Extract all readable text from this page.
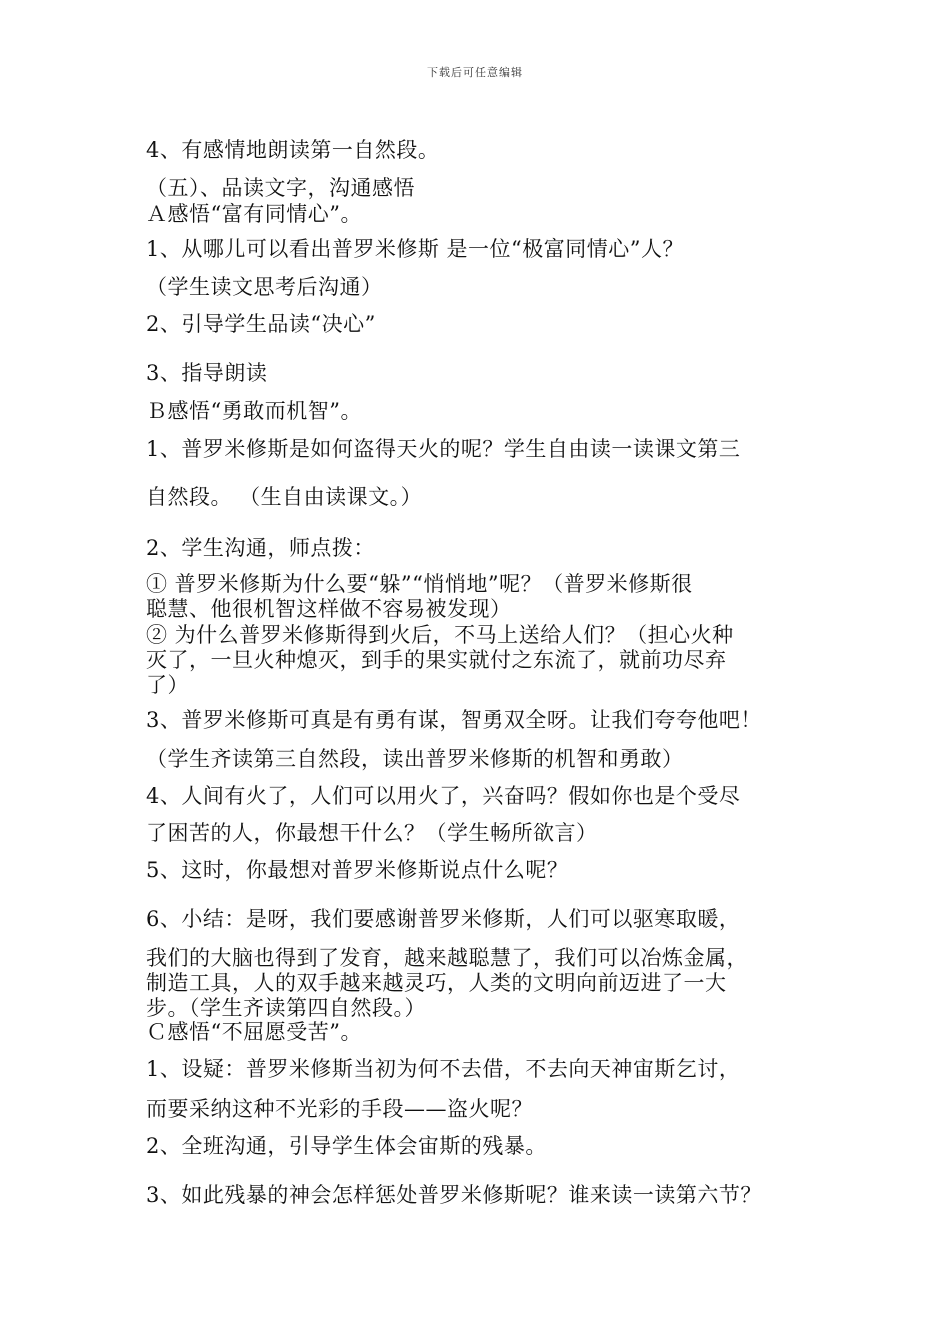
下载后可任意编辑
4、有感情地朗读第一自然段。
（五）、品读文字，沟通感悟
Ａ感悟“富有同情心”。
1、从哪儿可以看出普罗米修斯 是一位“极富同情心”人？
（学生读文思考后沟通）
2、引导学生品读“决心”
3、指导朗读
Ｂ感悟“勇敢而机智”。
1、普罗米修斯是如何盗得天火的呢？学生自由读一读课文第三
自然段。 （生自由读课文。）
2、学生沟通，师点拨：
① 普罗米修斯为什么要“躲”“悄悄地”呢？（普罗米修斯很
聪慧、他很机智这样做不容易被发现）
② 为什么普罗米修斯得到火后，不马上送给人们？（担心火种
灭了，一旦火种熄灭，到手的果实就付之东流了，就前功尽弃
了）
3、普罗米修斯可真是有勇有谋，智勇双全呀。让我们夸夸他吧！
（学生齐读第三自然段，读出普罗米修斯的机智和勇敢）
4、人间有火了，人们可以用火了，兴奋吗？假如你也是个受尽
了困苦的人，你最想干什么？（学生畅所欲言）
5、这时，你最想对普罗米修斯说点什么呢？
6、小结：是呀，我们要感谢普罗米修斯，人们可以驱寒取暖，
我们的大脑也得到了发育，越来越聪慧了，我们可以冶炼金属，
制造工具，人的双手越来越灵巧，人类的文明向前迈进了一大
步。（学生齐读第四自然段。）
Ｃ感悟“不屈愿受苦”。
1、设疑：普罗米修斯当初为何不去借，不去向天神宙斯乞讨，
而要采纳这种不光彩的手段——盗火呢？
2、全班沟通，引导学生体会宙斯的残暴。
3、如此残暴的神会怎样惩处普罗米修斯呢？谁来读一读第六节？
